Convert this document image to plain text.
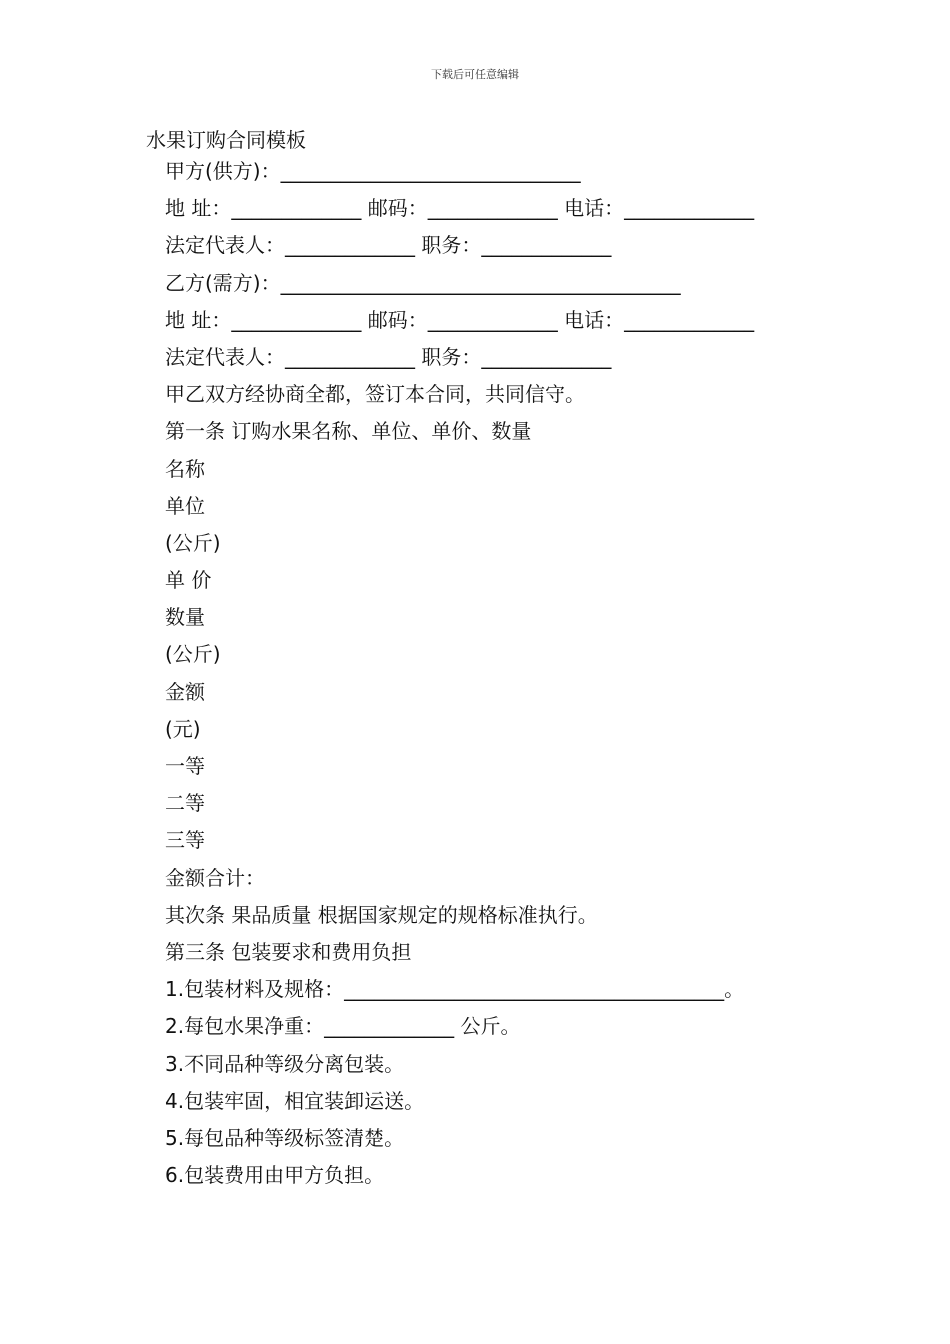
下载后可任意编辑
水果订购合同模板
甲方(供方)：______________________________
地 址：_____________ 邮码：_____________ 电话：_____________
法定代表人：_____________ 职务：_____________
乙方(需方)：________________________________________
地 址：_____________ 邮码：_____________ 电话：_____________
法定代表人：_____________ 职务：_____________
甲乙双方经协商全都，签订本合同，共同信守。
第一条 订购水果名称、单位、单价、数量
名称
单位
(公斤)
单 价
数量
(公斤)
金额
(元)
一等
二等
三等
金额合计：
其次条 果品质量 根据国家规定的规格标准执行。
第三条 包装要求和费用负担
1.包装材料及规格：______________________________________。
2.每包水果净重：_____________ 公斤。
3.不同品种等级分离包装。
4.包装牢固，相宜装卸运送。
5.每包品种等级标签清楚。
6.包装费用由甲方负担。
